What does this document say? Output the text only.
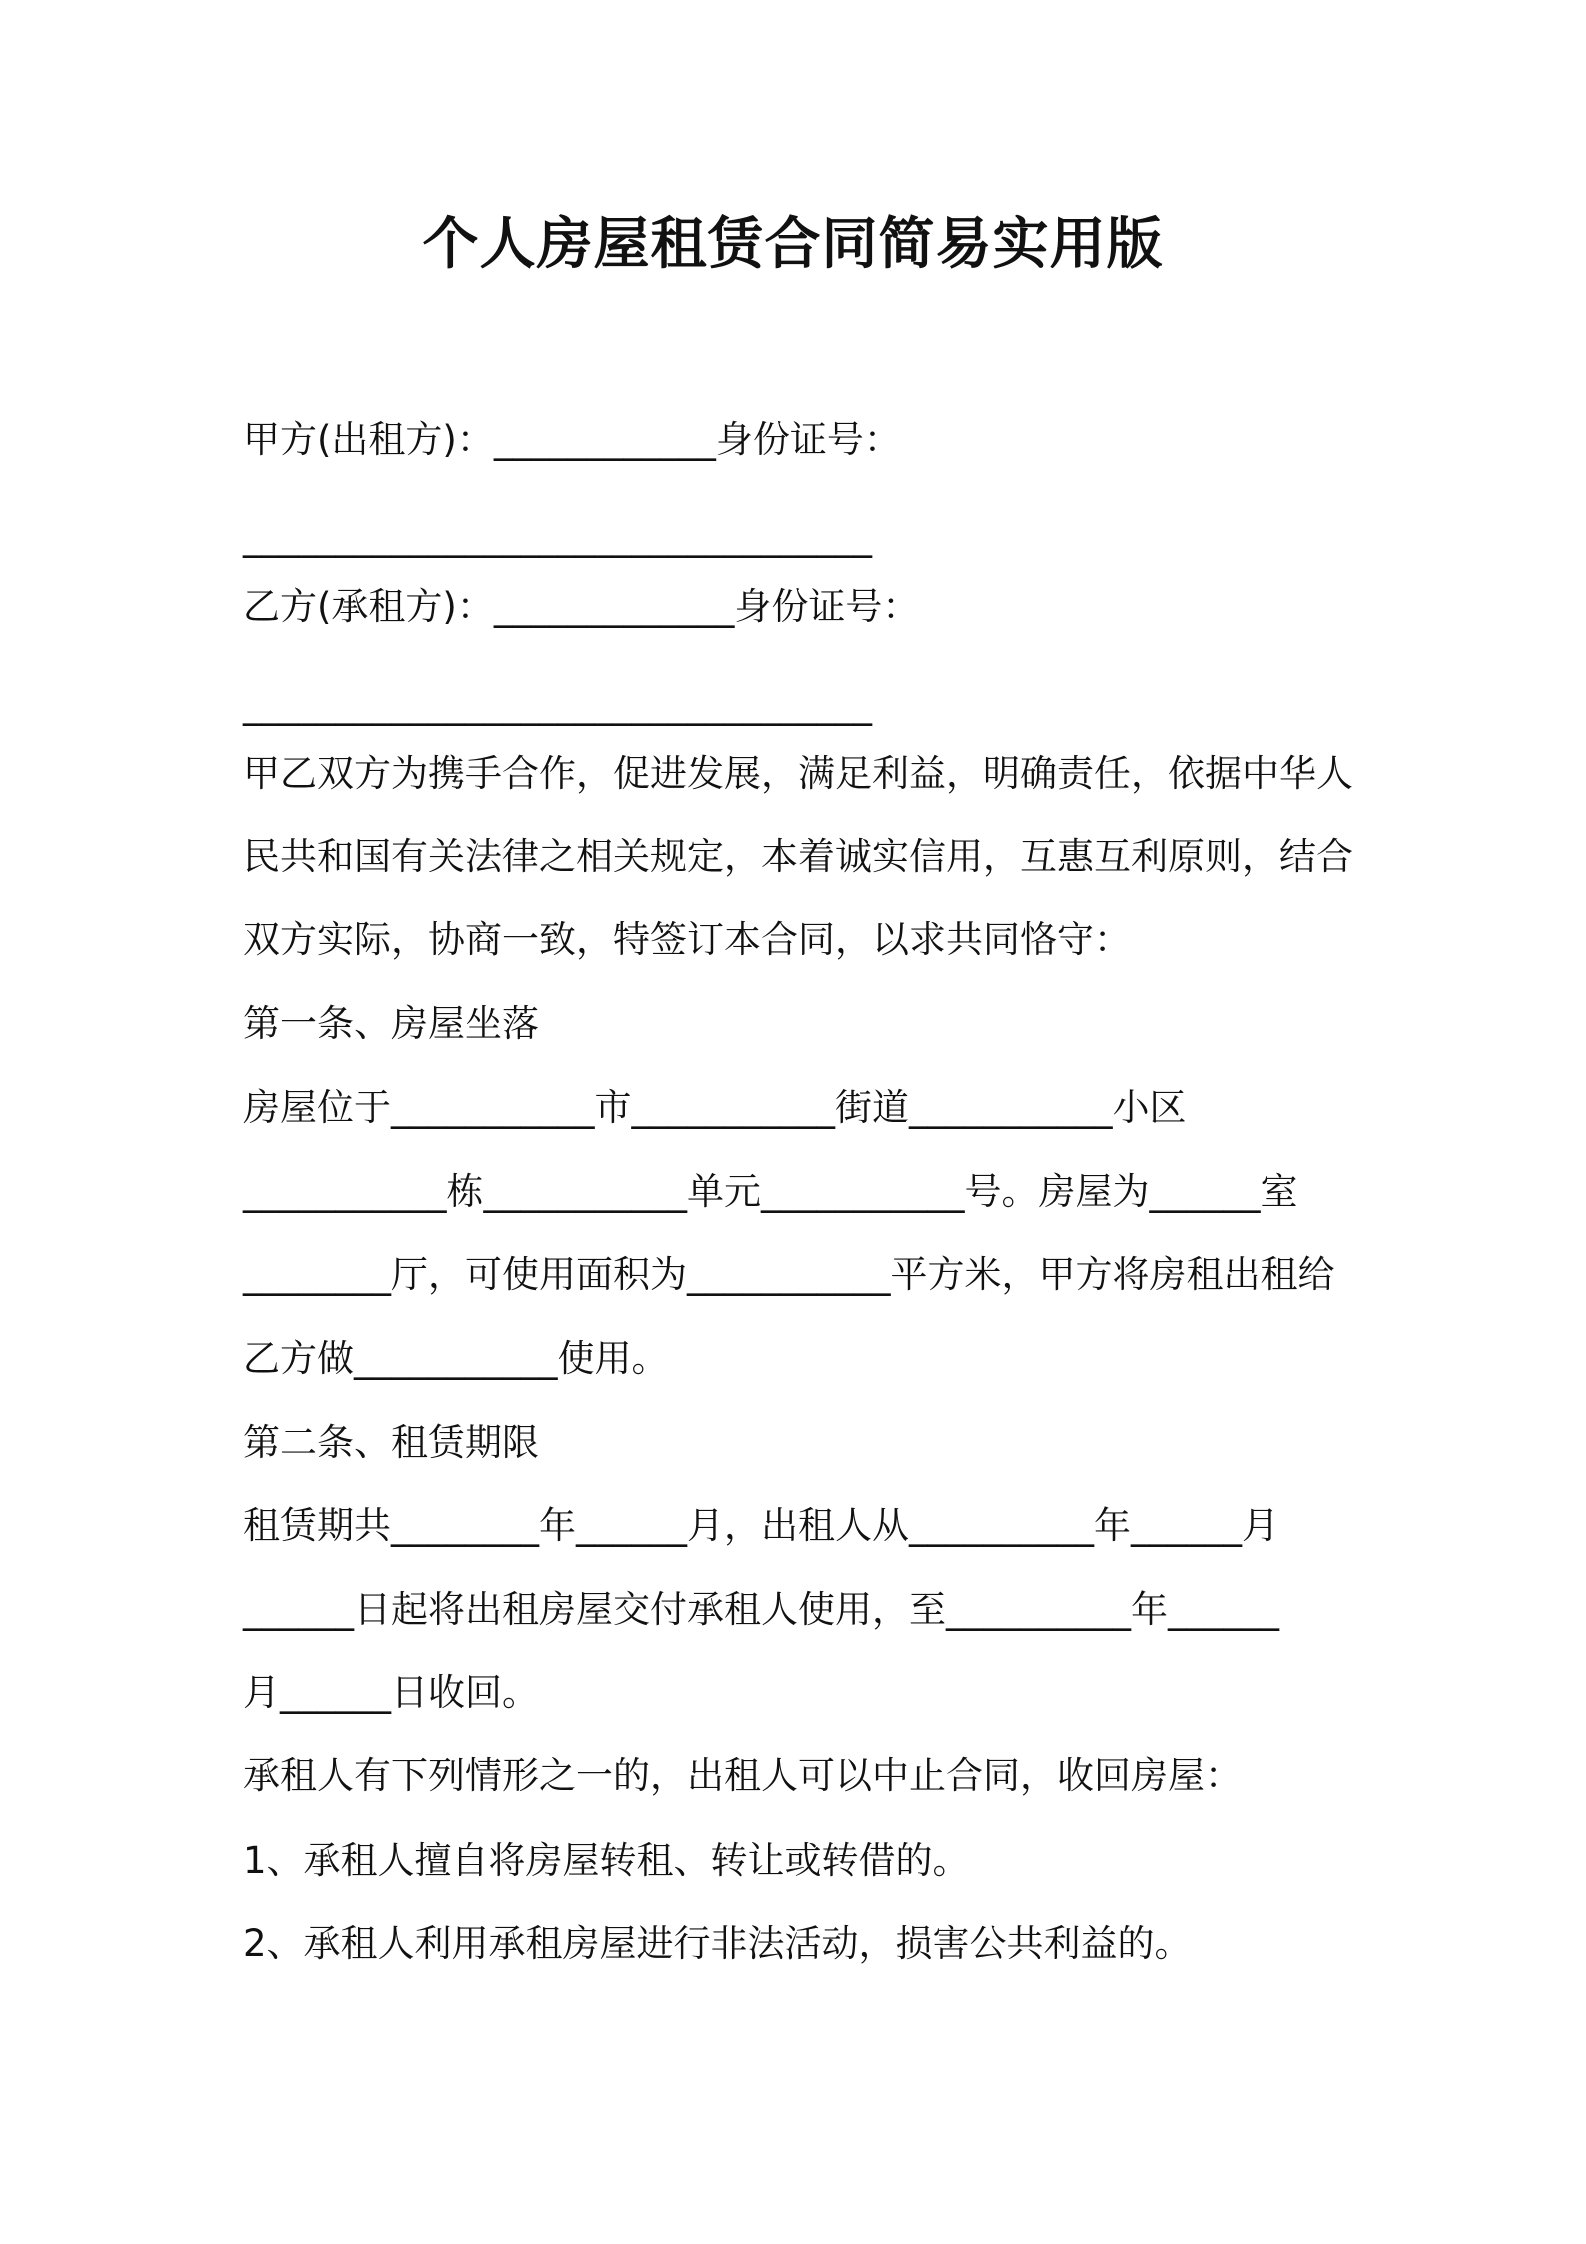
个人房屋租赁合同简易实用版

甲方(出租方)：____________身份证号：

__________________________________

乙方(承租方)：_____________身份证号：

__________________________________

甲乙双方为携手合作，促进发展，满足利益，明确责任，依据中华人

民共和国有关法律之相关规定，本着诚实信用，互惠互利原则，结合

双方实际，协商一致，特签订本合同，以求共同恪守：

第一条、房屋坐落

房屋位于___________市___________街道___________小区

___________栋___________单元___________号。房屋为______室

________厅，可使用面积为___________平方米，甲方将房租出租给

乙方做___________使用。

第二条、租赁期限

租赁期共________年______月，出租人从__________年______月

______日起将出租房屋交付承租人使用，至__________年______

月______日收回。

承租人有下列情形之一的，出租人可以中止合同，收回房屋：

1、承租人擅自将房屋转租、转让或转借的。

2、承租人利用承租房屋进行非法活动，损害公共利益的。
